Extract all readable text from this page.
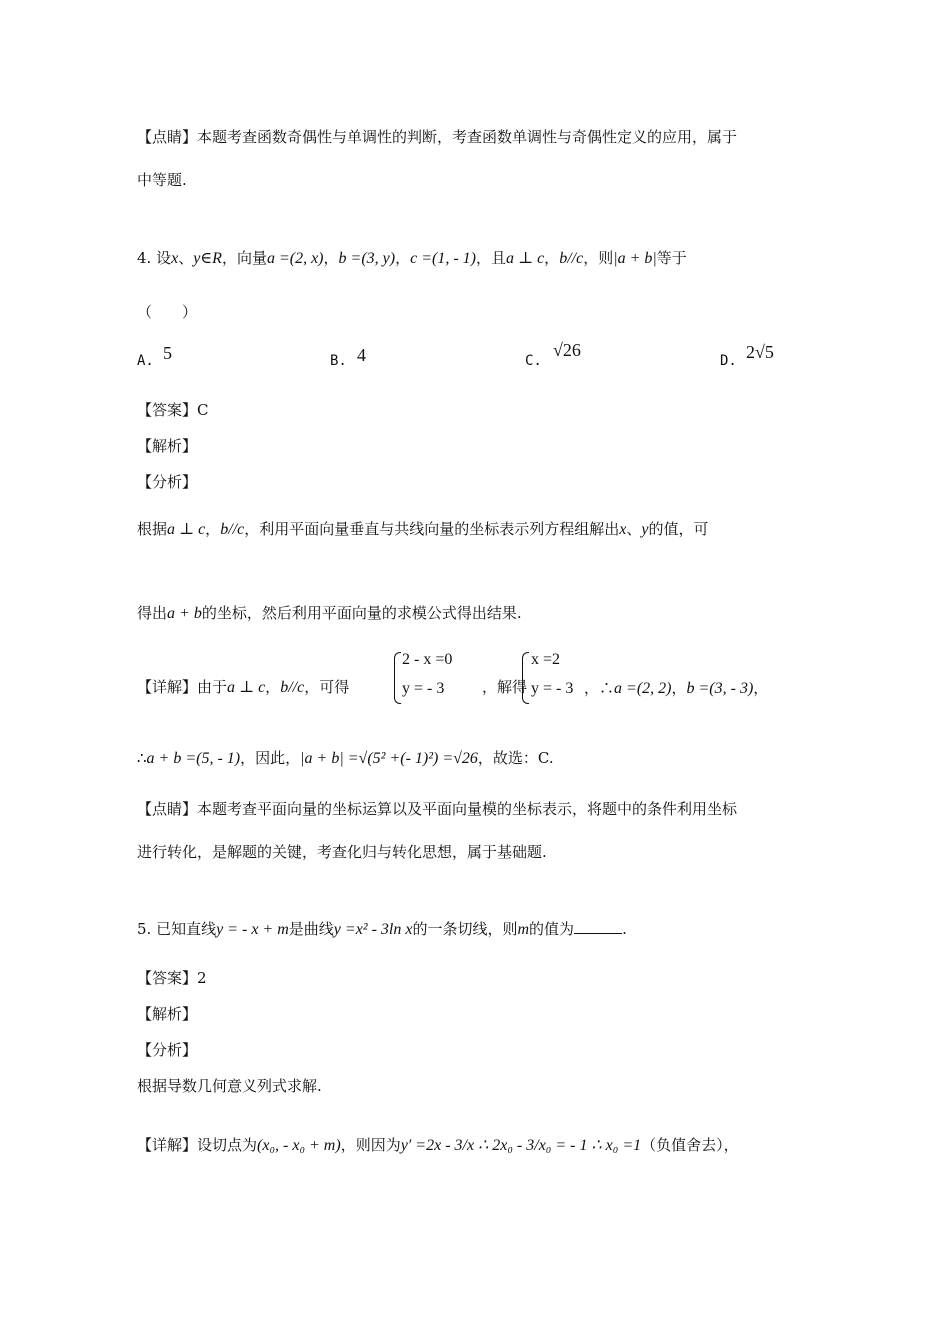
【点睛】本题考查函数奇偶性与单调性的判断，考查函数单调性与奇偶性定义的应用，属于
中等题.
4. 设x、y∈R，向量a =(2, x)，b =(3, y)，c =(1, - 1)，且a ⊥ c，b//c，则|a + b|等于
（　　）
A. 5	B. 4	C.
√26
D. 2√5
【答案】C
【解析】
【分析】
根据a ⊥ c，b//c，利用平面向量垂直与共线向量的坐标表示列方程组解出x、y的值，可
得出a + b的坐标，然后利用平面向量的求模公式得出结果.
【详解】由于a ⊥ c，b//c，可得
2 - x =0
y = - 3	，解得
x =2
y = - 3 ，∴a =(2, 2)，b =(3, - 3)，
∴a + b =(5, - 1)，因此，|a + b| =√(5² +(- 1)²) =√26，故选：C.
【点睛】本题考查平面向量的坐标运算以及平面向量模的坐标表示，将题中的条件利用坐标
进行转化，是解题的关键，考查化归与转化思想，属于基础题.
5. 已知直线y = - x + m是曲线y =x² - 3ln x的一条切线，则m的值为	.
【答案】2
【解析】
【分析】
根据导数几何意义列式求解.
【详解】设切点为(x₀, - x₀ + m)，则因为y′ =2x - 3/x ∴ 2x₀ - 3/x₀ = - 1 ∴ x₀ =1（负值舍去），
